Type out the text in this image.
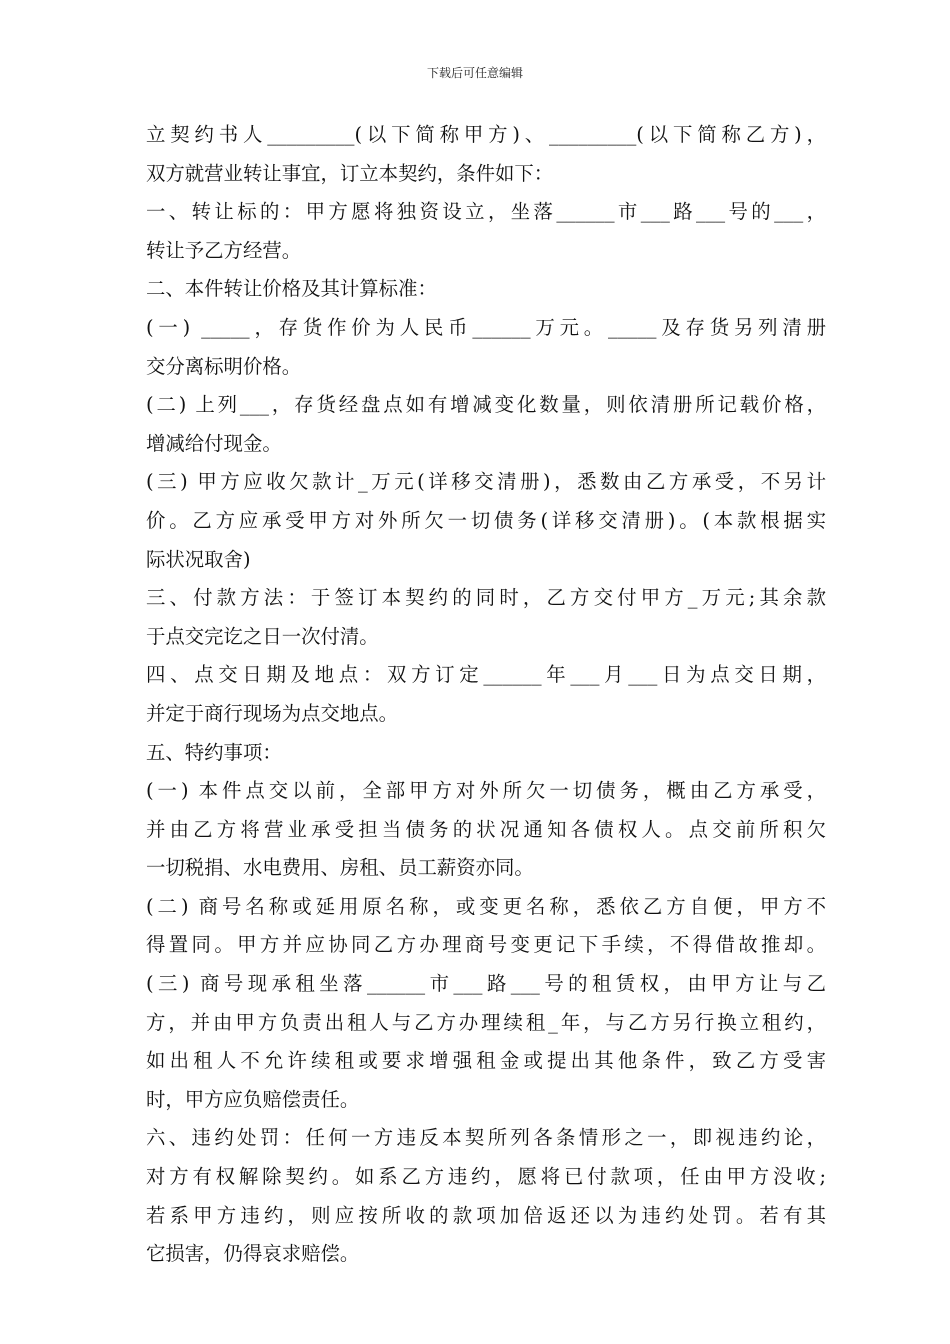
下载后可任意编辑
立契约书人_________(以下简称甲方)、_________(以下简称乙方)，
双方就营业转让事宜，订立本契约，条件如下：
一、转让标的：甲方愿将独资设立，坐落______市___路___号的___，
转让予乙方经营。
二、本件转让价格及其计算标准：
(一) _____，存货作价为人民币______万元。_____及存货另列清册
交分离标明价格。
(二) 上列___，存货经盘点如有增减变化数量，则依清册所记载价格，
增减给付现金。
(三) 甲方应收欠款计_万元(详移交清册)，悉数由乙方承受，不另计
价。乙方应承受甲方对外所欠一切债务(详移交清册)。(本款根据实
际状况取舍)
三、付款方法：于签订本契约的同时，乙方交付甲方_万元;其余款
于点交完讫之日一次付清。
四、点交日期及地点：双方订定______年___月___日为点交日期，
并定于商行现场为点交地点。
五、特约事项：
(一) 本件点交以前，全部甲方对外所欠一切债务，概由乙方承受，
并由乙方将营业承受担当债务的状况通知各债权人。点交前所积欠
一切税捐、水电费用、房租、员工薪资亦同。
(二) 商号名称或延用原名称，或变更名称，悉依乙方自便，甲方不
得置同。甲方并应协同乙方办理商号变更记下手续，不得借故推却。
(三) 商号现承租坐落______市___路___号的租赁权，由甲方让与乙
方，并由甲方负责出租人与乙方办理续租_年，与乙方另行换立租约，
如出租人不允许续租或要求增强租金或提出其他条件，致乙方受害
时，甲方应负赔偿责任。
六、违约处罚：任何一方违反本契所列各条情形之一，即视违约论，
对方有权解除契约。如系乙方违约，愿将已付款项，任由甲方没收;
若系甲方违约，则应按所收的款项加倍返还以为违约处罚。若有其
它损害，仍得哀求赔偿。
